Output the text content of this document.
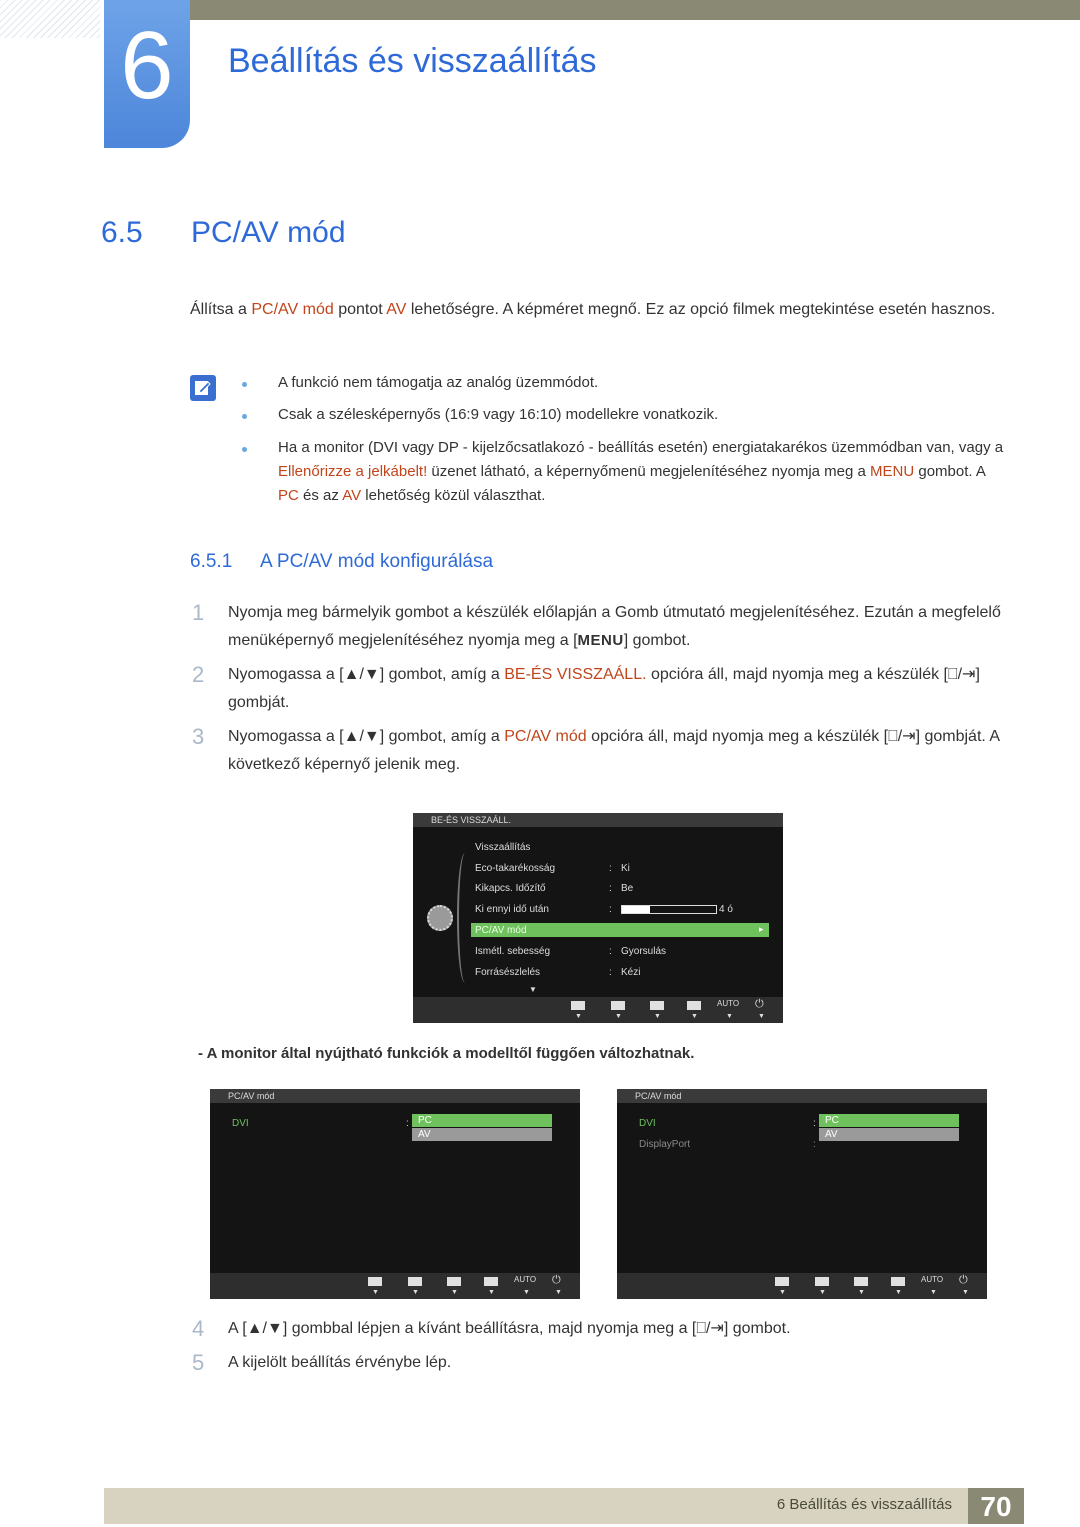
6	Beállítás és visszaállítás
6.5 PC/AV mód
Állítsa a PC/AV mód pontot AV lehetőségre. A képméret megnő. Ez az opció filmek megtekintése esetén hasznos.
A funkció nem támogatja az analóg üzemmódot.
Csak a szélesképernyős (16:9 vagy 16:10) modellekre vonatkozik.
Ha a monitor (DVI vagy DP - kijelzőcsatlakozó - beállítás esetén) energiatakarékos üzemmódban van, vagy a Ellenőrizze a jelkábelt! üzenet látható, a képernyőmenü megjelenítéséhez nyomja meg a MENU gombot. A PC és az AV lehetőség közül választhat.
6.5.1 A PC/AV mód konfigurálása
1 Nyomja meg bármelyik gombot a készülék előlapján a Gomb útmutató megjelenítéséhez. Ezután a megfelelő menüképernyő megjelenítéséhez nyomja meg a [MENU] gombot.
2 Nyomogassa a [▲/▼] gombot, amíg a BE-ÉS VISSZAÁLL. opcióra áll, majd nyomja meg a készülék [⎕/⇥] gombját.
3 Nyomogassa a [▲/▼] gombot, amíg a PC/AV mód opcióra áll, majd nyomja meg a készülék [⎕/⇥] gombját. A következő képernyő jelenik meg.
BE-ÉS VISSZAÁLL.
Visszaállítás
Eco-takarékosság	: Ki
Kikapcs. Időzítő	: Be
Ki ennyi idő után	:	4 ó
PC/AV mód	▸
Ismétl. sebesség	: Gyorsulás
Forrásészlelés	: Kézi
▼
AUTO ⏻
▼	▼	▼	▼	▼	▼
- A monitor által nyújtható funkciók a modelltől függően változhatnak.
PC/AV mód
DVI	: PC
AV
AUTO ⏻
▼	▼	▼	▼	▼	▼
PC/AV mód
DVI	: PC
AV
DisplayPort	:
AUTO ⏻
▼	▼	▼	▼	▼	▼
4 A [▲/▼] gombbal lépjen a kívánt beállításra, majd nyomja meg a [⎕/⇥] gombot.
5 A kijelölt beállítás érvénybe lép.
6 Beállítás és visszaállítás	70
